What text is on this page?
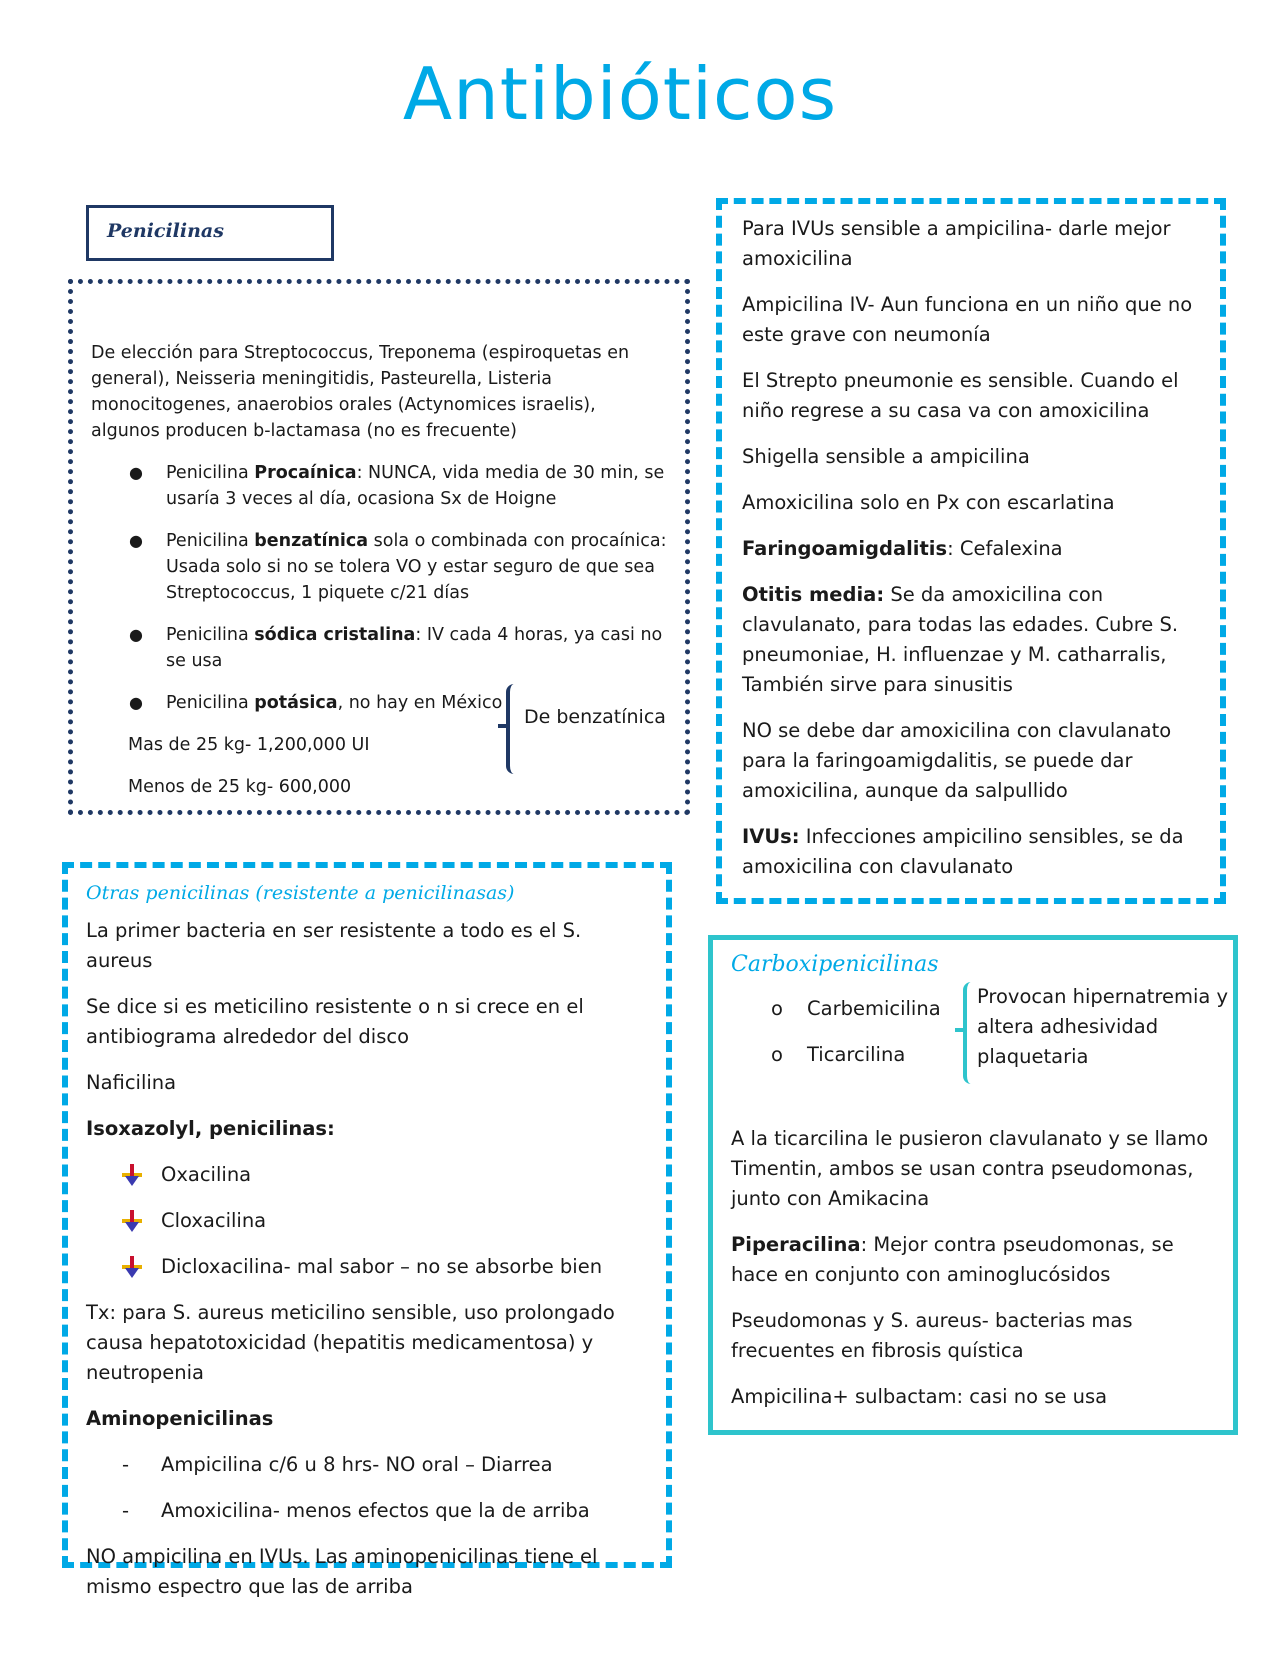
Antibióticos
Penicilinas

De elección para Streptococcus, Treponema (espiroquetas en general), Neisseria meningitidis, Pasteurella, Listeria monocitogenes, anaerobios orales (Actynomices israelis), algunos producen b-lactamasa (no es frecuente)

● Penicilina Procaínica: NUNCA, vida media de 30 min, se usaría 3 veces al día, ocasiona Sx de Hoigne
● Penicilina benzatínica sola o combinada con procaínica: Usada solo si no se tolera VO y estar seguro de que sea Streptococcus, 1 piquete c/21 días
● Penicilina sódica cristalina: IV cada 4 horas, ya casi no se usa
● Penicilina potásica, no hay en México

Mas de 25 kg- 1,200,000 UI

Menos de 25 kg- 600,000

De benzatínica

Para IVUs sensible a ampicilina- darle mejor amoxicilina

Ampicilina IV- Aun funciona en un niño que no este grave con neumonía

El Strepto pneumonie es sensible. Cuando el niño regrese a su casa va con amoxicilina

Shigella sensible a ampicilina

Amoxicilina solo en Px con escarlatina

Faringoamigdalitis: Cefalexina

Otitis media: Se da amoxicilina con clavulanato, para todas las edades. Cubre S. pneumoniae, H. influenzae y M. catharralis, También sirve para sinusitis

NO se debe dar amoxicilina con clavulanato para la faringoamigdalitis, se puede dar amoxicilina, aunque da salpullido

IVUs: Infecciones ampicilino sensibles, se da amoxicilina con clavulanato

Otras penicilinas (resistente a penicilinasas)

La primer bacteria en ser resistente a todo es el S. aureus

Se dice si es meticilino resistente o n si crece en el antibiograma alrededor del disco

Naficilina

Isoxazolyl, penicilinas:

Oxacilina
Cloxacilina
Dicloxacilina- mal sabor – no se absorbe bien

Tx: para S. aureus meticilino sensible, uso prolongado causa hepatotoxicidad (hepatitis medicamentosa) y neutropenia

Aminopenicilinas

- Ampicilina c/6 u 8 hrs- NO oral – Diarrea
- Amoxicilina- menos efectos que la de arriba

NO ampicilina en IVUs. Las aminopenicilinas tiene el mismo espectro que las de arriba

Carboxipenicilinas
o Carbemicilina
o Ticarcilina
Provocan hipernatremia y altera adhesividad plaquetaria

A la ticarcilina le pusieron clavulanato y se llamo Timentin, ambos se usan contra pseudomonas, junto con Amikacina

Piperacilina: Mejor contra pseudomonas, se hace en conjunto con aminoglucósidos

Pseudomonas y S. aureus- bacterias mas frecuentes en fibrosis quística

Ampicilina+ sulbactam: casi no se usa
